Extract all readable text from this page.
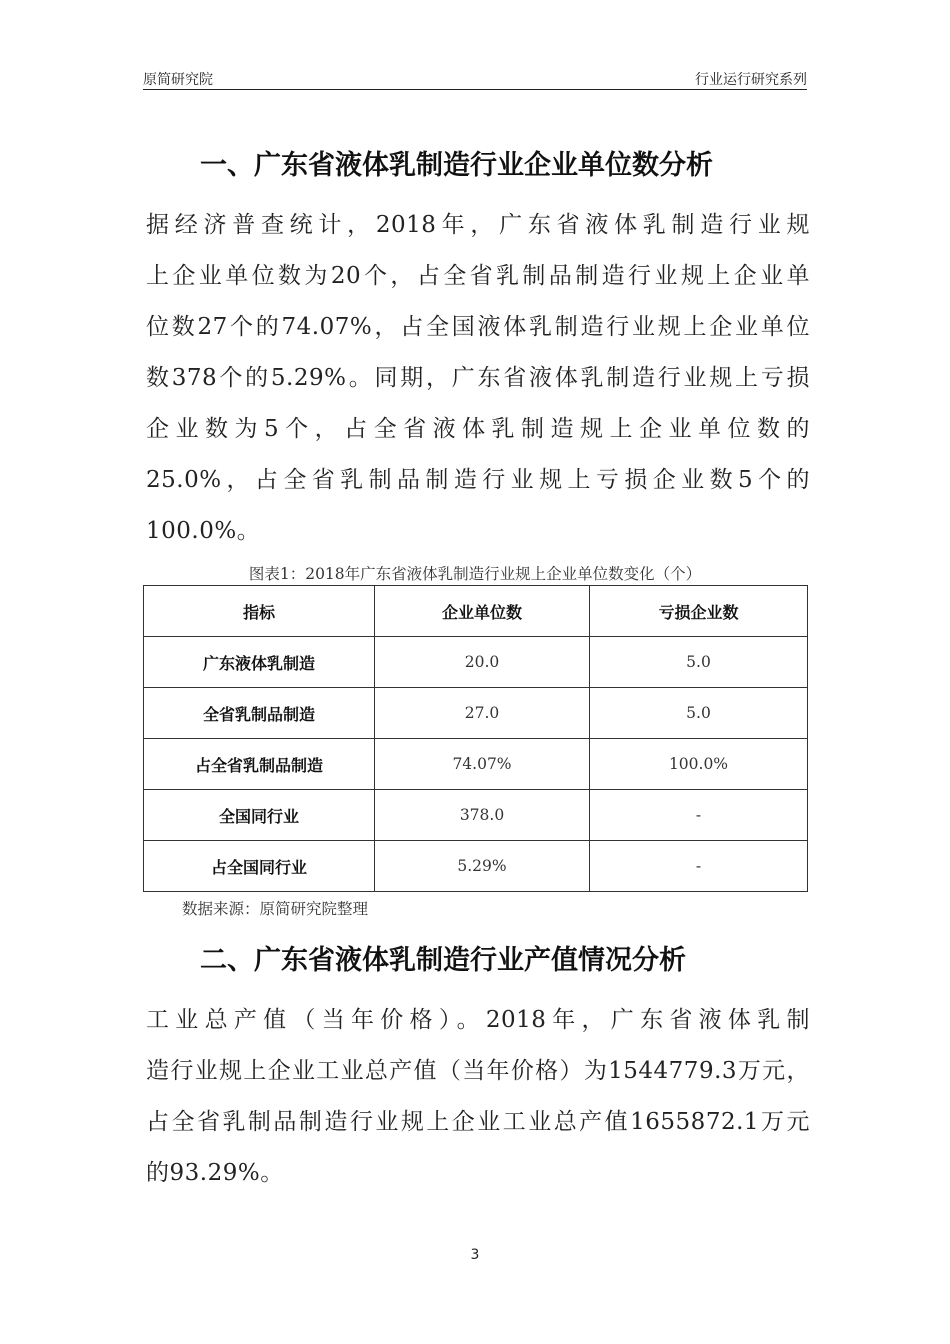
原简研究院	行业运行研究系列
一、广东省液体乳制造行业企业单位数分析
据经济普查统计，2018年，广东省液体乳制造行业规
上企业单位数为20个，占全省乳制品制造行业规上企业单
位数27个的74.07%，占全国液体乳制造行业规上企业单位
数378个的5.29%。同期，广东省液体乳制造行业规上亏损
企业数为5个，占全省液体乳制造规上企业单位数的
25.0%，占全省乳制品制造行业规上亏损企业数5个的
100.0%。
图表1：2018年广东省液体乳制造行业规上企业单位数变化（个）
指标	企业单位数	亏损企业数
广东液体乳制造	20.0	5.0
全省乳制品制造	27.0	5.0
占全省乳制品制造	74.07%	100.0%
全国同行业	378.0	-
占全国同行业	5.29%	-
数据来源：原简研究院整理
二、广东省液体乳制造行业产值情况分析
工业总产值（当年价格）。2018年，广东省液体乳制
造行业规上企业工业总产值（当年价格）为1544779.3万元，
占全省乳制品制造行业规上企业工业总产值1655872.1万元
的93.29%。
3
